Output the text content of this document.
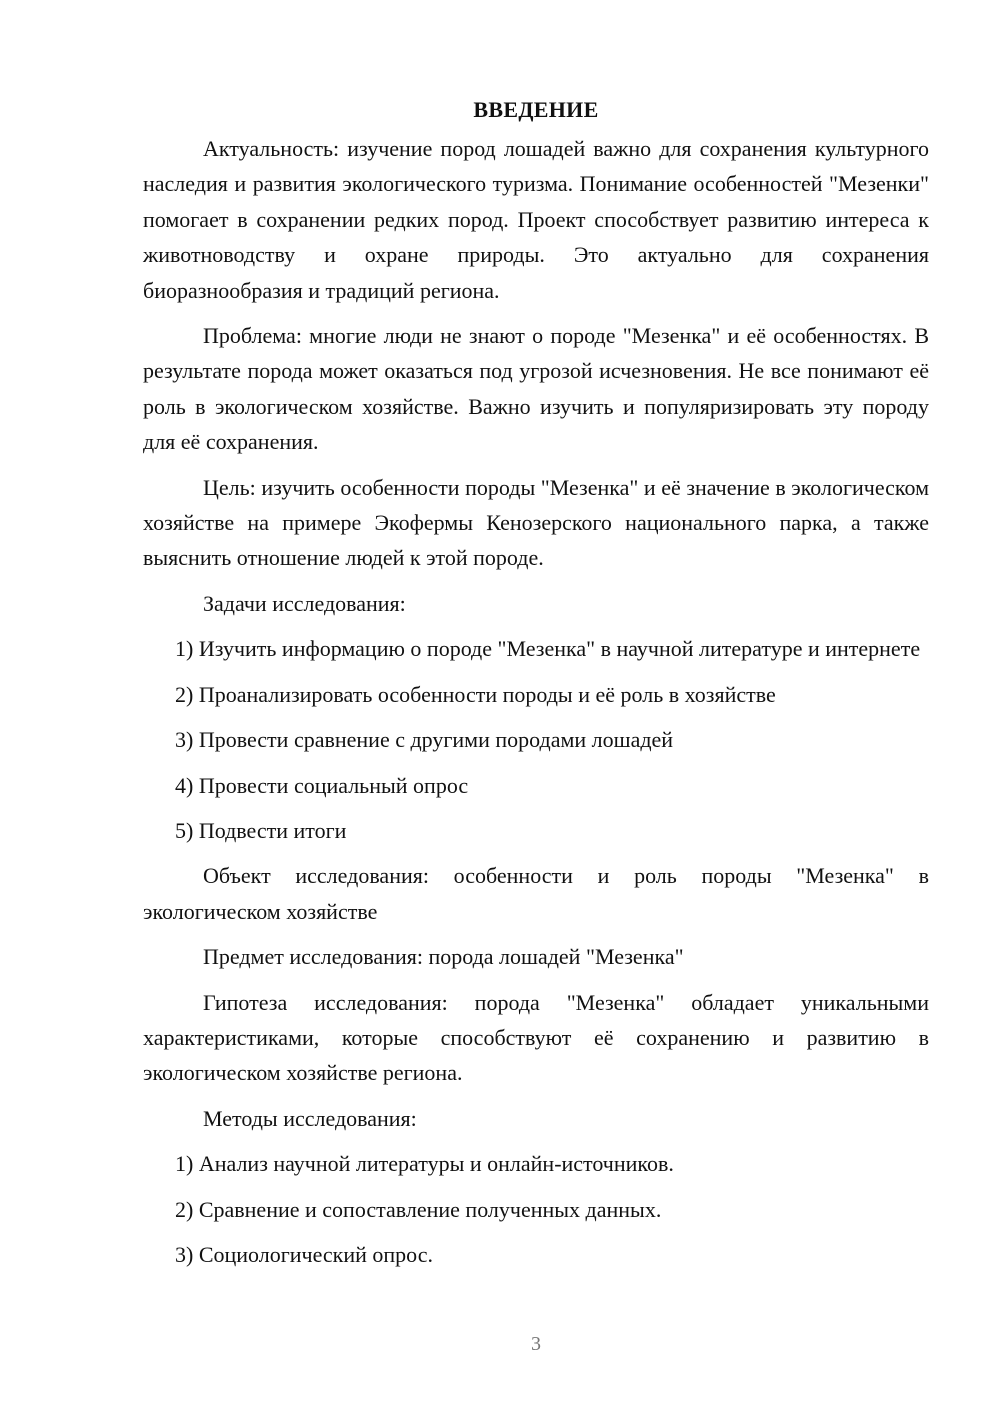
ВВЕДЕНИЕ
Актуальность: изучение пород лошадей важно для сохранения культурного наследия и развития экологического туризма. Понимание особенностей "Мезенки" помогает в сохранении редких пород. Проект способствует развитию интереса к животноводству и охране природы. Это актуально для сохранения биоразнообразия и традиций региона.
Проблема: многие люди не знают о породе "Мезенка" и её особенностях. В результате порода может оказаться под угрозой исчезновения. Не все понимают её роль в экологическом хозяйстве. Важно изучить и популяризировать эту породу для её сохранения.
Цель: изучить особенности породы "Мезенка" и её значение в экологическом хозяйстве на примере Экофермы Кенозерского национального парка, а также выяснить отношение людей к этой породе.
Задачи исследования:
1) Изучить информацию о породе "Мезенка" в научной литературе и интернете
2) Проанализировать особенности породы и её роль в хозяйстве
3) Провести сравнение с другими породами лошадей
4) Провести социальный опрос
5) Подвести итоги
Объект исследования: особенности и роль породы "Мезенка" в экологическом хозяйстве
Предмет исследования: порода лошадей "Мезенка"
Гипотеза исследования: порода "Мезенка" обладает уникальными характеристиками, которые способствуют её сохранению и развитию в экологическом хозяйстве региона.
Методы исследования:
1) Анализ научной литературы и онлайн-источников.
2) Сравнение и сопоставление полученных данных.
3) Социологический опрос.
3
